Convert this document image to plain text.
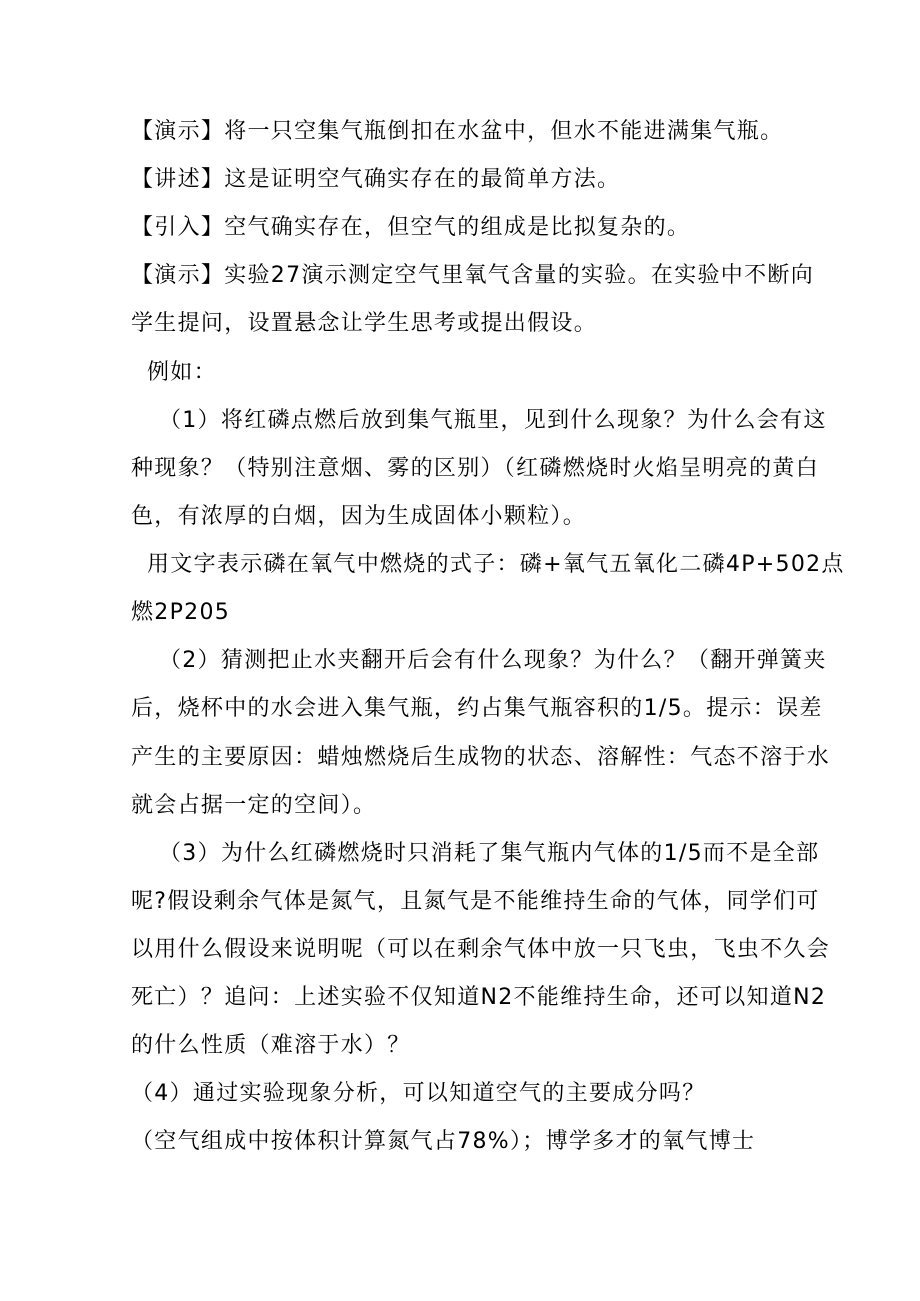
【演示】将一只空集气瓶倒扣在水盆中，但水不能进满集气瓶。
【讲述】这是证明空气确实存在的最简单方法。
【引入】空气确实存在，但空气的组成是比拟复杂的。
【演示】实验27演示测定空气里氧气含量的实验。在实验中不断向
学生提问，设置悬念让学生思考或提出假设。
例如：
（1）将红磷点燃后放到集气瓶里，见到什么现象？为什么会有这
种现象？（特别注意烟、雾的区别）（红磷燃烧时火焰呈明亮的黄白
色，有浓厚的白烟，因为生成固体小颗粒）。
用文字表示磷在氧气中燃烧的式子：磷+氧气五氧化二磷4P+502点
燃2P205
（2）猜测把止水夹翻开后会有什么现象？为什么？（翻开弹簧夹
后，烧杯中的水会进入集气瓶，约占集气瓶容积的1/5。提示：误差
产生的主要原因：蜡烛燃烧后生成物的状态、溶解性：气态不溶于水
就会占据一定的空间）。
（3）为什么红磷燃烧时只消耗了集气瓶内气体的1/5而不是全部
呢?假设剩余气体是氮气，且氮气是不能维持生命的气体，同学们可
以用什么假设来说明呢（可以在剩余气体中放一只飞虫，飞虫不久会
死亡）？追问：上述实验不仅知道N2不能维持生命，还可以知道N2
的什么性质（难溶于水）？
（4）通过实验现象分析，可以知道空气的主要成分吗？
（空气组成中按体积计算氮气占78%）；博学多才的氧气博士
